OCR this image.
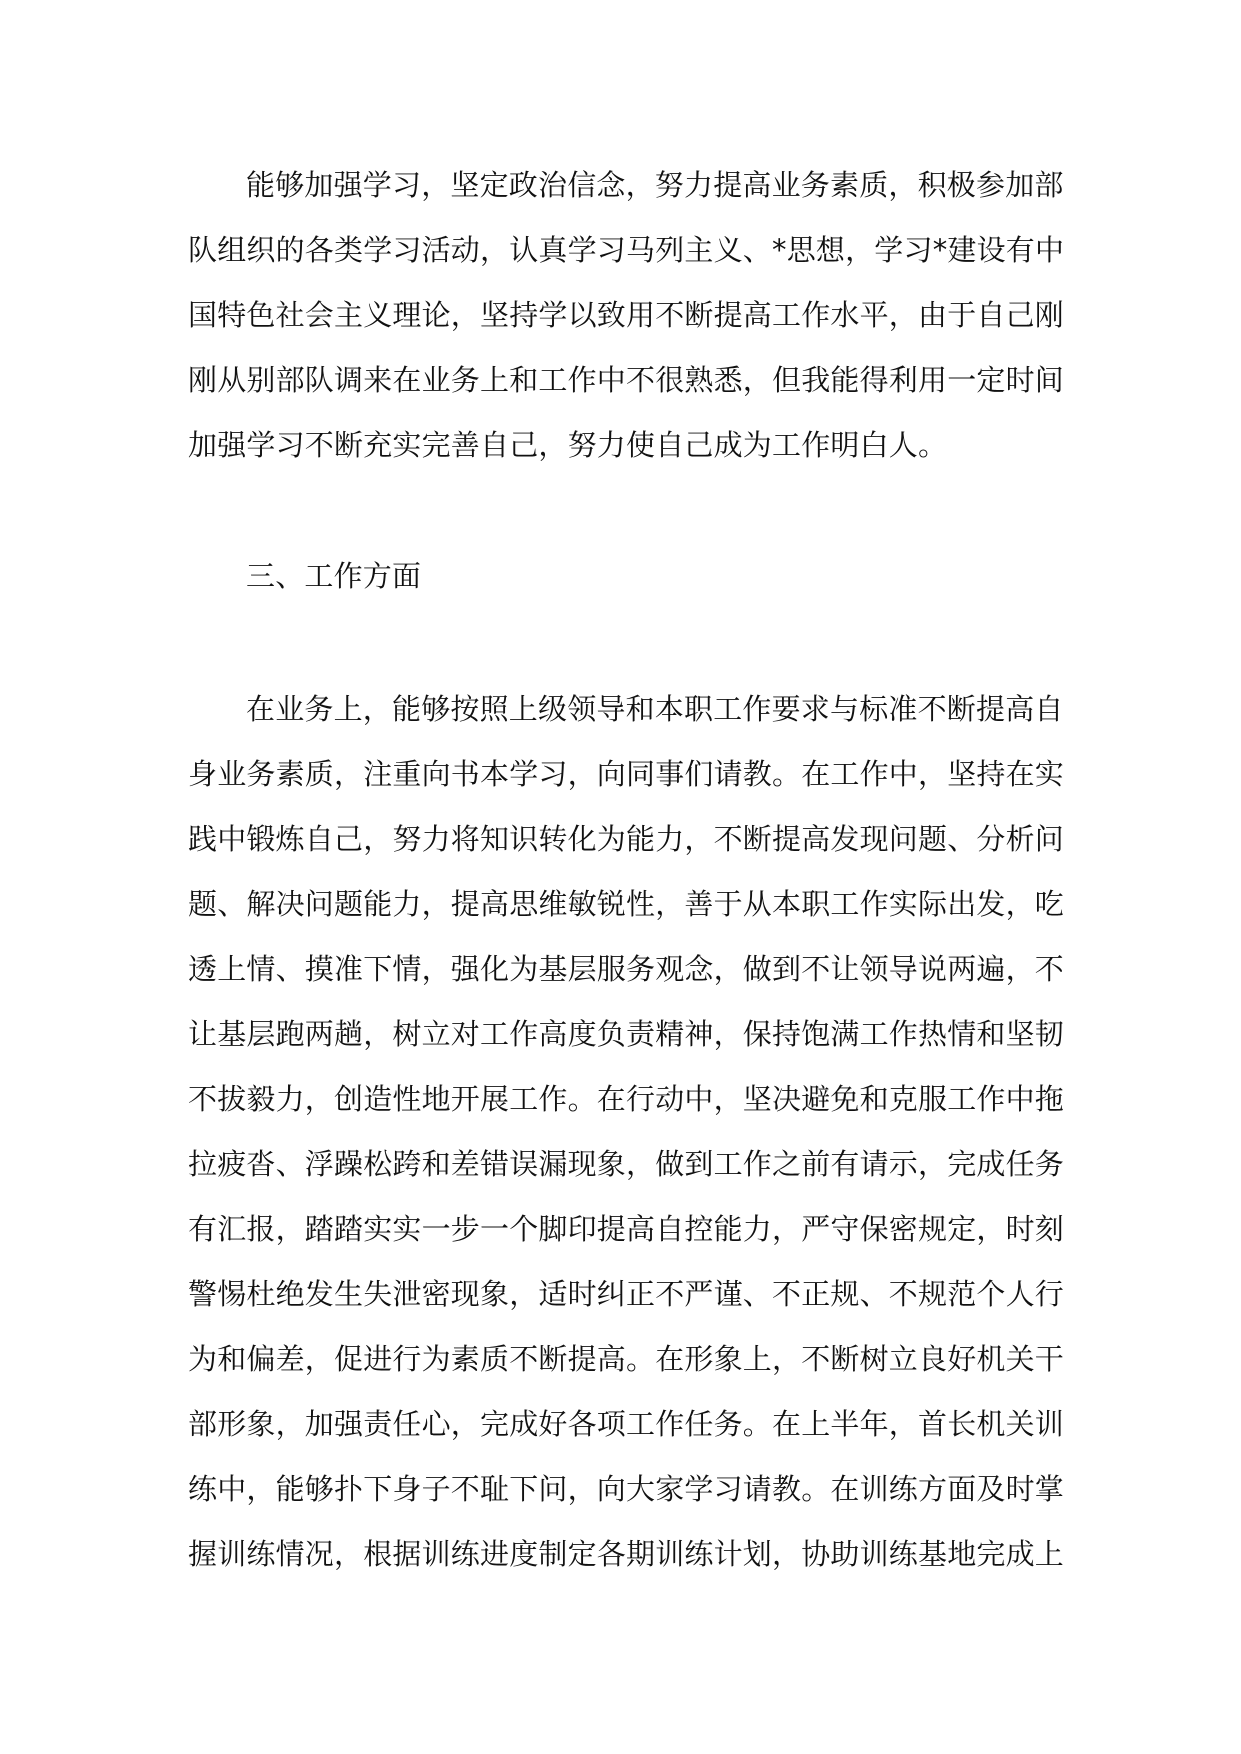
能够加强学习，坚定政治信念，努力提高业务素质，积极参加部
队组织的各类学习活动，认真学习马列主义、*思想，学习*建设有中
国特色社会主义理论，坚持学以致用不断提高工作水平，由于自己刚
刚从别部队调来在业务上和工作中不很熟悉，但我能得利用一定时间
加强学习不断充实完善自己，努力使自己成为工作明白人。
三、工作方面
在业务上，能够按照上级领导和本职工作要求与标准不断提高自
身业务素质，注重向书本学习，向同事们请教。在工作中，坚持在实
践中锻炼自己，努力将知识转化为能力，不断提高发现问题、分析问
题、解决问题能力，提高思维敏锐性，善于从本职工作实际出发，吃
透上情、摸准下情，强化为基层服务观念，做到不让领导说两遍，不
让基层跑两趟，树立对工作高度负责精神，保持饱满工作热情和坚韧
不拔毅力，创造性地开展工作。在行动中，坚决避免和克服工作中拖
拉疲沓、浮躁松跨和差错误漏现象，做到工作之前有请示，完成任务
有汇报，踏踏实实一步一个脚印提高自控能力，严守保密规定，时刻
警惕杜绝发生失泄密现象，适时纠正不严谨、不正规、不规范个人行
为和偏差，促进行为素质不断提高。在形象上，不断树立良好机关干
部形象，加强责任心，完成好各项工作任务。在上半年，首长机关训
练中，能够扑下身子不耻下问，向大家学习请教。在训练方面及时掌
握训练情况，根据训练进度制定各期训练计划，协助训练基地完成上
